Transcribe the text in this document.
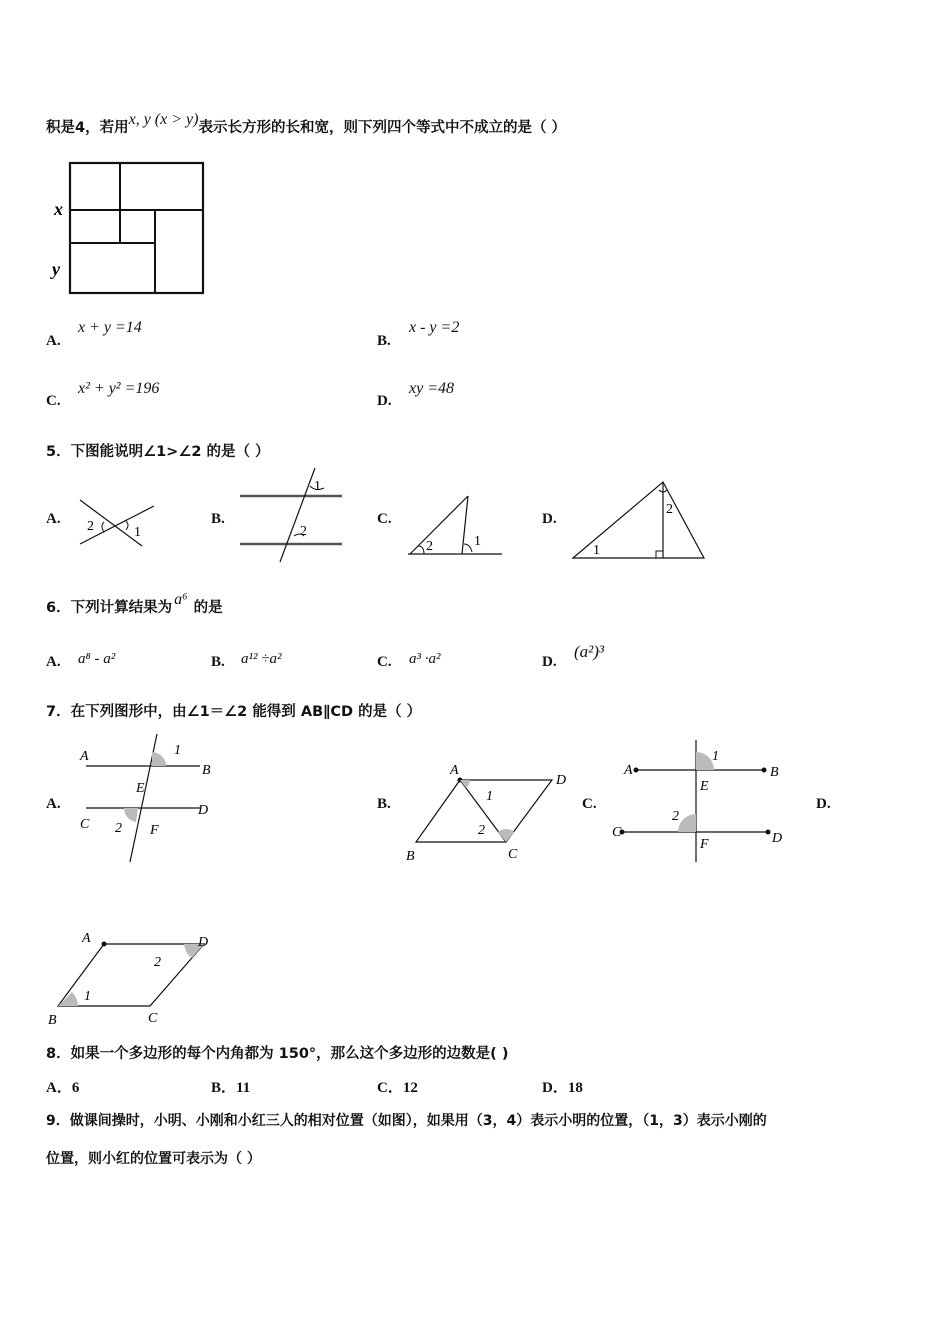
积是4，若用x, y (x > y)表示长方形的长和宽，则下列四个等式中不成立的是（ ）
x
y
A.
x + y =14
B.
x - y =2
C.
x² + y² =196
D.
xy =48
5．下图能说明∠1>∠2 的是（ ）
A. 2	1
B.
1
2
C.
2	1
D.
1
2
6．下列计算结果为 a⁶ 的是
A. a⁸ - a²	B. a¹² ÷a²	C. a³ ·a²	D.
(a²)³
7．在下列图形中，由∠1＝∠2 能得到 AB∥CD 的是（ ）
A.
A
B
C
D
E
F
1
2
B.
A
D
B	C
1
2
C.
A	B
C	D
E
F
1
2
D.
A	D
B	C
1
2
8．如果一个多边形的每个内角都为 150°，那么这个多边形的边数是( )
A．6	B．11	C．12	D．18
9．做课间操时，小明、小刚和小红三人的相对位置（如图），如果用（3，4）表示小明的位置，（1，3）表示小刚的
位置，则小红的位置可表示为（ ）
